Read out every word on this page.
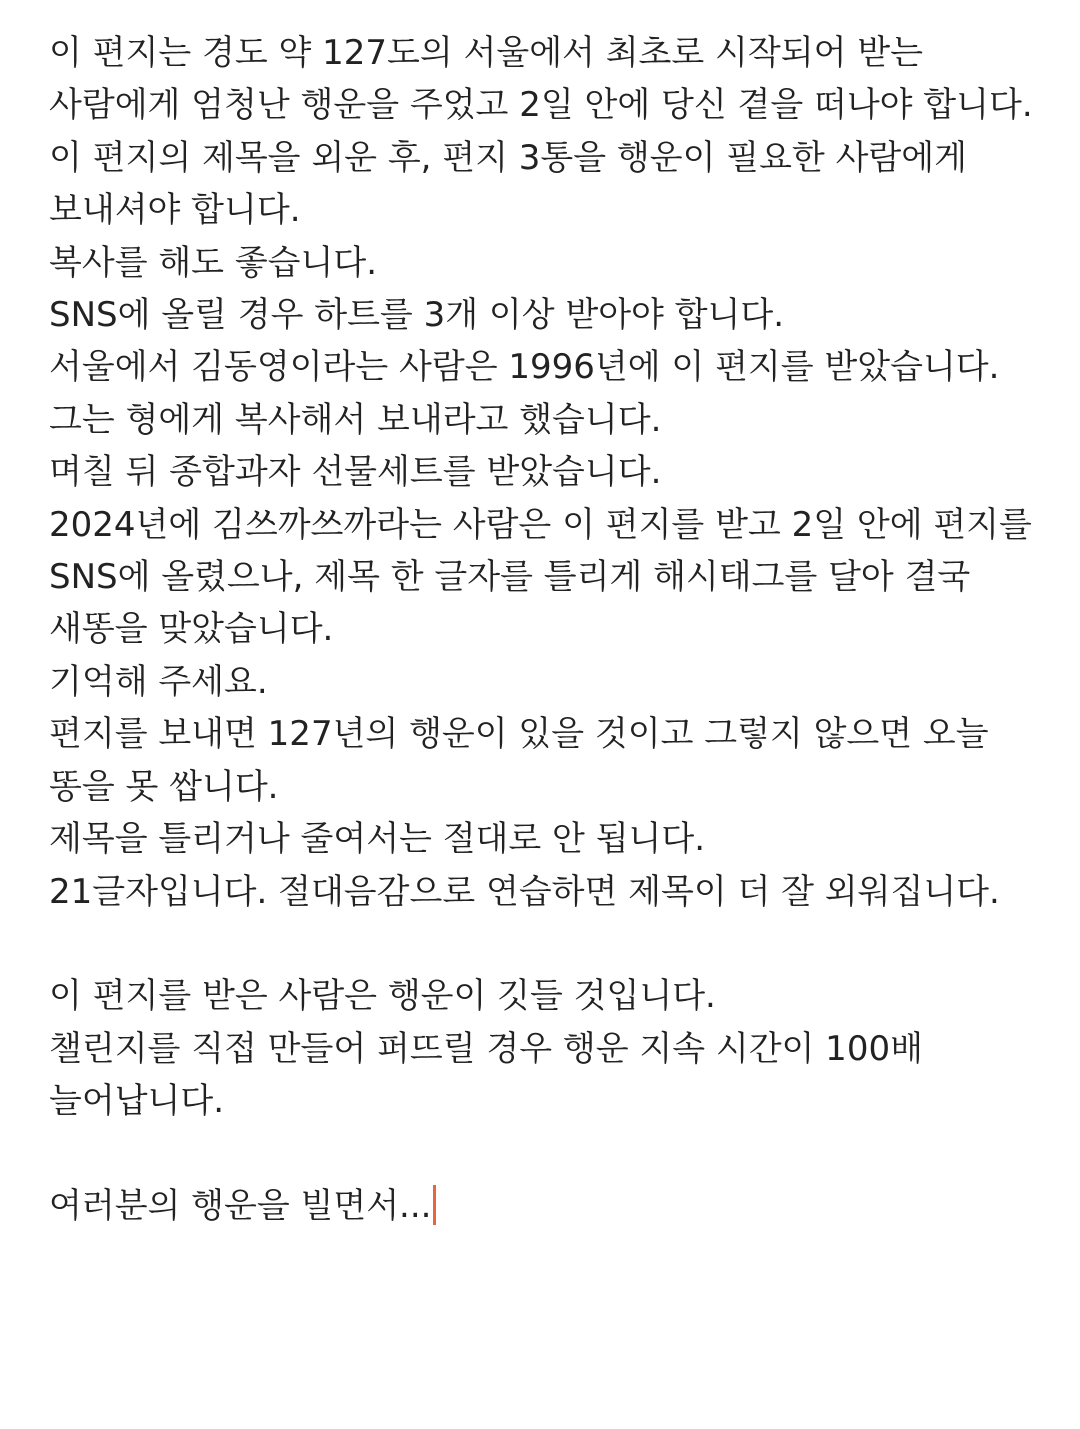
이 편지는 경도 약 127도의 서울에서 최초로 시작되어 받는 사람에게 엄청난 행운을 주었고 2일 안에 당신 곁을 떠나야 합니다.

이 편지의 제목을 외운 후, 편지 3통을 행운이 필요한 사람에게 보내셔야 합니다.

복사를 해도 좋습니다.

SNS에 올릴 경우 하트를 3개 이상 받아야 합니다.

서울에서 김동영이라는 사람은 1996년에 이 편지를 받았습니다.

그는 형에게 복사해서 보내라고 했습니다.

며칠 뒤 종합과자 선물세트를 받았습니다.

2024년에 김쓰까쓰까라는 사람은 이 편지를 받고 2일 안에 편지를 SNS에 올렸으나, 제목 한 글자를 틀리게 해시태그를 달아 결국 새똥을 맞았습니다.

기억해 주세요.

편지를 보내면 127년의 행운이 있을 것이고 그렇지 않으면 오늘 똥을 못 쌉니다.

제목을 틀리거나 줄여서는 절대로 안 됩니다.

21글자입니다. 절대음감으로 연습하면 제목이 더 잘 외워집니다.

이 편지를 받은 사람은 행운이 깃들 것입니다.

챌린지를 직접 만들어 퍼뜨릴 경우 행운 지속 시간이 100배 늘어납니다.

여러분의 행운을 빌면서...
